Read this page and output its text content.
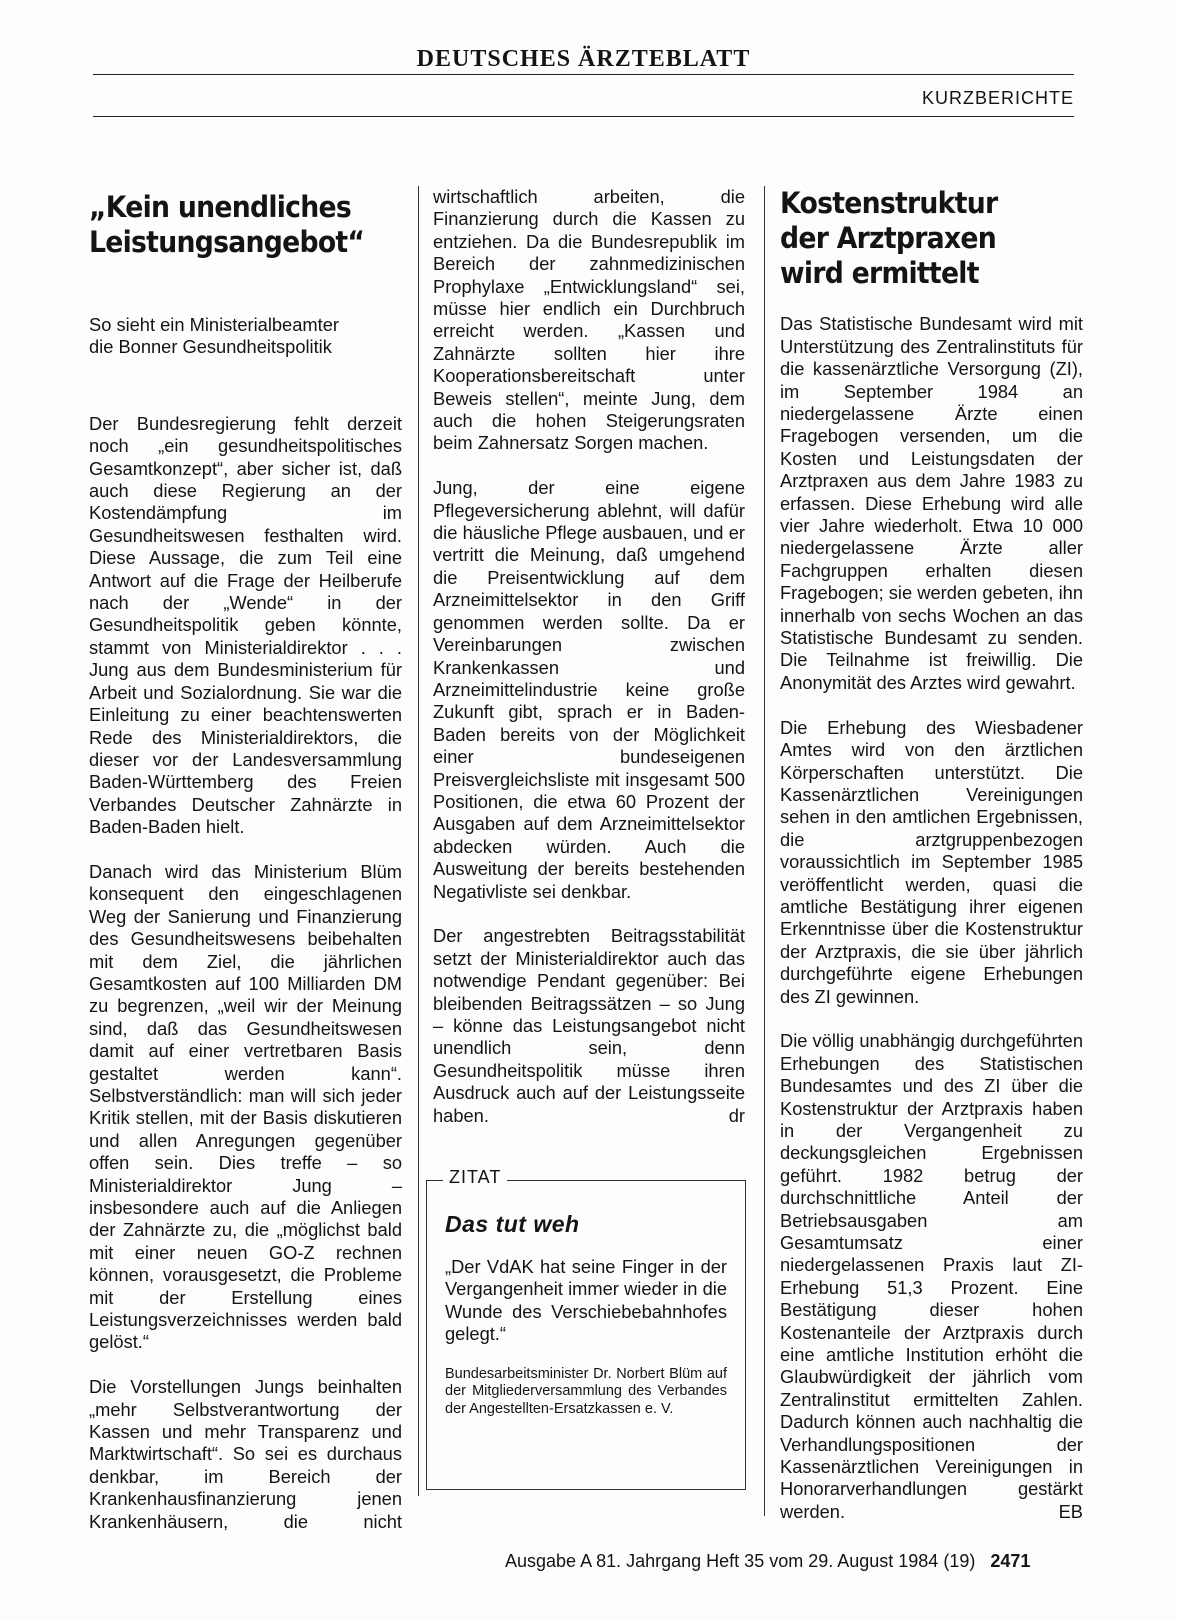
DEUTSCHES ÄRZTEBLATT
KURZBERICHTE
„Kein unendliches
Leistungsangebot“
So sieht ein Ministerialbeamter
die Bonner Gesundheitspolitik

Der Bundesregierung fehlt derzeit noch „ein gesundheitspolitisches Gesamtkonzept“, aber sicher ist, daß auch diese Regierung an der Kostendämpfung im Gesundheitswesen festhalten wird. Diese Aussage, die zum Teil eine Antwort auf die Frage der Heilberufe nach der „Wende“ in der Gesundheitspolitik geben könnte, stammt von Ministerialdirektor . . . Jung aus dem Bundesministerium für Arbeit und Sozialordnung. Sie war die Einleitung zu einer beachtenswerten Rede des Ministerialdirektors, die dieser vor der Landesversammlung Baden-Württemberg des Freien Verbandes Deutscher Zahnärzte in Baden-Baden hielt.

Danach wird das Ministerium Blüm konsequent den eingeschlagenen Weg der Sanierung und Finanzierung des Gesundheitswesens beibehalten mit dem Ziel, die jährlichen Gesamtkosten auf 100 Milliarden DM zu begrenzen, „weil wir der Meinung sind, daß das Gesundheitswesen damit auf einer vertretbaren Basis gestaltet werden kann“. Selbstverständlich: man will sich jeder Kritik stellen, mit der Basis diskutieren und allen Anregungen gegenüber offen sein. Dies treffe – so Ministerialdirektor Jung – insbesondere auch auf die Anliegen der Zahnärzte zu, die „möglichst bald mit einer neuen GO-Z rechnen können, vorausgesetzt, die Probleme mit der Erstellung eines Leistungsverzeichnisses werden bald gelöst.“

Die Vorstellungen Jungs beinhalten „mehr Selbstverantwortung der Kassen und mehr Transparenz und Marktwirtschaft“. So sei es durchaus denkbar, im Bereich der Krankenhausfinanzierung jenen Krankenhäusern, die nicht

wirtschaftlich arbeiten, die Finanzierung durch die Kassen zu entziehen. Da die Bundesrepublik im Bereich der zahnmedizinischen Prophylaxe „Entwicklungsland“ sei, müsse hier endlich ein Durchbruch erreicht werden. „Kassen und Zahnärzte sollten hier ihre Kooperationsbereitschaft unter Beweis stellen“, meinte Jung, dem auch die hohen Steigerungsraten beim Zahnersatz Sorgen machen.

Jung, der eine eigene Pflegeversicherung ablehnt, will dafür die häusliche Pflege ausbauen, und er vertritt die Meinung, daß umgehend die Preisentwicklung auf dem Arzneimittelsektor in den Griff genommen werden sollte. Da er Vereinbarungen zwischen Krankenkassen und Arzneimittelindustrie keine große Zukunft gibt, sprach er in Baden-Baden bereits von der Möglichkeit einer bundeseigenen Preisvergleichsliste mit insgesamt 500 Positionen, die etwa 60 Prozent der Ausgaben auf dem Arzneimittelsektor abdecken würden. Auch die Ausweitung der bereits bestehenden Negativliste sei denkbar.

Der angestrebten Beitragsstabilität setzt der Ministerialdirektor auch das notwendige Pendant gegenüber: Bei bleibenden Beitragssätzen – so Jung – könne das Leistungsangebot nicht unendlich sein, denn Gesundheitspolitik müsse ihren Ausdruck auch auf der Leistungsseite haben.	dr

ZITAT
Das tut weh
„Der VdAK hat seine Finger in der Vergangenheit immer wieder in die Wunde des Verschiebebahnhofes gelegt.“
Bundesarbeitsminister Dr. Norbert Blüm auf der Mitgliederversammlung des Verbandes der Angestellten-Ersatzkassen e. V.
Kostenstruktur
der Arztpraxen
wird ermittelt

Das Statistische Bundesamt wird mit Unterstützung des Zentralinstituts für die kassenärztliche Versorgung (ZI), im September 1984 an niedergelassene Ärzte einen Fragebogen versenden, um die Kosten und Leistungsdaten der Arztpraxen aus dem Jahre 1983 zu erfassen. Diese Erhebung wird alle vier Jahre wiederholt. Etwa 10 000 niedergelassene Ärzte aller Fachgruppen erhalten diesen Fragebogen; sie werden gebeten, ihn innerhalb von sechs Wochen an das Statistische Bundesamt zu senden. Die Teilnahme ist freiwillig. Die Anonymität des Arztes wird gewahrt.

Die Erhebung des Wiesbadener Amtes wird von den ärztlichen Körperschaften unterstützt. Die Kassenärztlichen Vereinigungen sehen in den amtlichen Ergebnissen, die arztgruppenbezogen voraussichtlich im September 1985 veröffentlicht werden, quasi die amtliche Bestätigung ihrer eigenen Erkenntnisse über die Kostenstruktur der Arztpraxis, die sie über jährlich durchgeführte eigene Erhebungen des ZI gewinnen.

Die völlig unabhängig durchgeführten Erhebungen des Statistischen Bundesamtes und des ZI über die Kostenstruktur der Arztpraxis haben in der Vergangenheit zu deckungsgleichen Ergebnissen geführt. 1982 betrug der durchschnittliche Anteil der Betriebsausgaben am Gesamtumsatz einer niedergelassenen Praxis laut ZI-Erhebung 51,3 Prozent. Eine Bestätigung dieser hohen Kostenanteile der Arztpraxis durch eine amtliche Institution erhöht die Glaubwürdigkeit der jährlich vom Zentralinstitut ermittelten Zahlen. Dadurch können auch nachhaltig die Verhandlungspositionen der Kassenärztlichen Vereinigungen in Honorarverhandlungen gestärkt werden.	EB

Ausgabe A 81. Jahrgang Heft 35 vom 29. August 1984 (19) 2471
